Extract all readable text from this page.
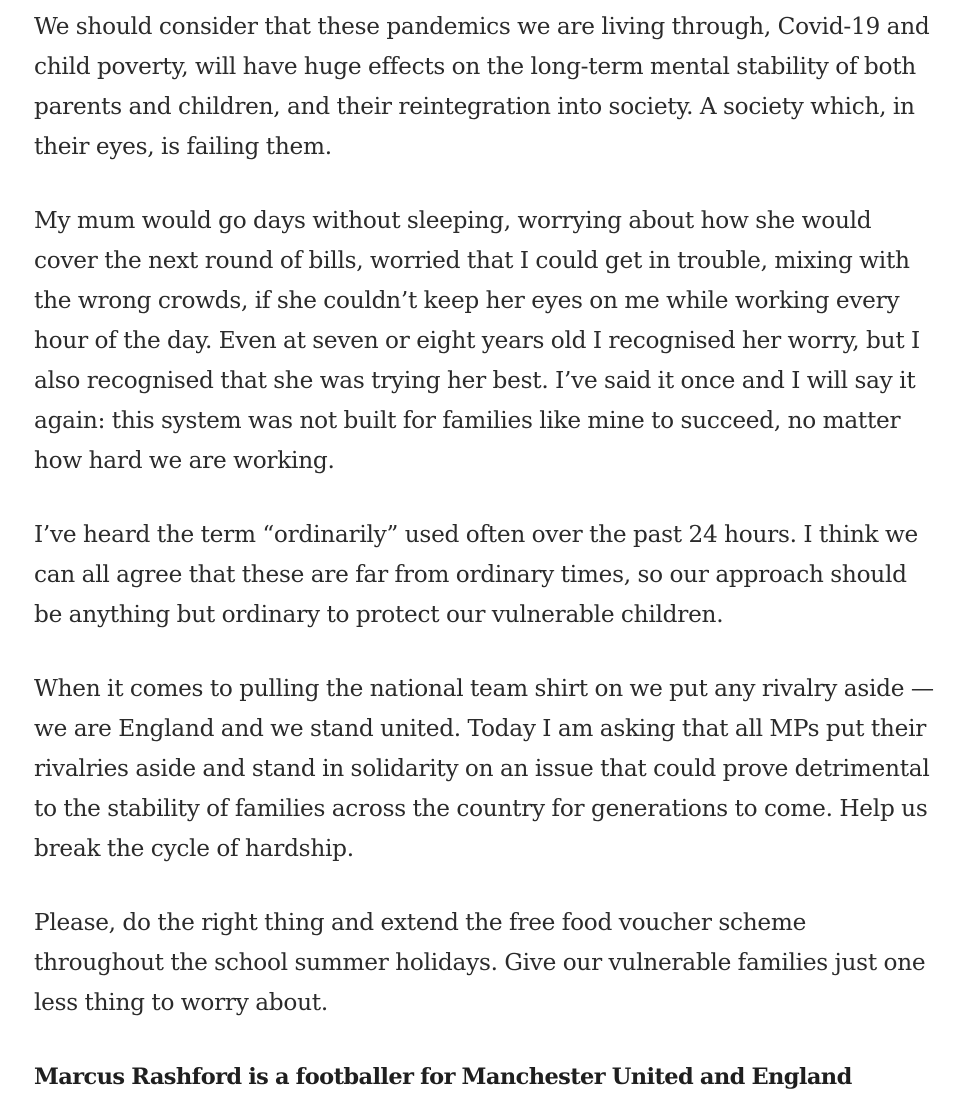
We should consider that these pandemics we are living through, Covid-19 and child poverty, will have huge effects on the long-term mental stability of both parents and children, and their reintegration into society. A society which, in their eyes, is failing them.

My mum would go days without sleeping, worrying about how she would cover the next round of bills, worried that I could get in trouble, mixing with the wrong crowds, if she couldn’t keep her eyes on me while working every hour of the day. Even at seven or eight years old I recognised her worry, but I also recognised that she was trying her best. I’ve said it once and I will say it again: this system was not built for families like mine to succeed, no matter how hard we are working.

I’ve heard the term “ordinarily” used often over the past 24 hours. I think we can all agree that these are far from ordinary times, so our approach should be anything but ordinary to protect our vulnerable children.

When it comes to pulling the national team shirt on we put any rivalry aside — we are England and we stand united. Today I am asking that all MPs put their rivalries aside and stand in solidarity on an issue that could prove detrimental to the stability of families across the country for generations to come. Help us break the cycle of hardship.

Please, do the right thing and extend the free food voucher scheme throughout the school summer holidays. Give our vulnerable families just one less thing to worry about.

Marcus Rashford is a footballer for Manchester United and England
